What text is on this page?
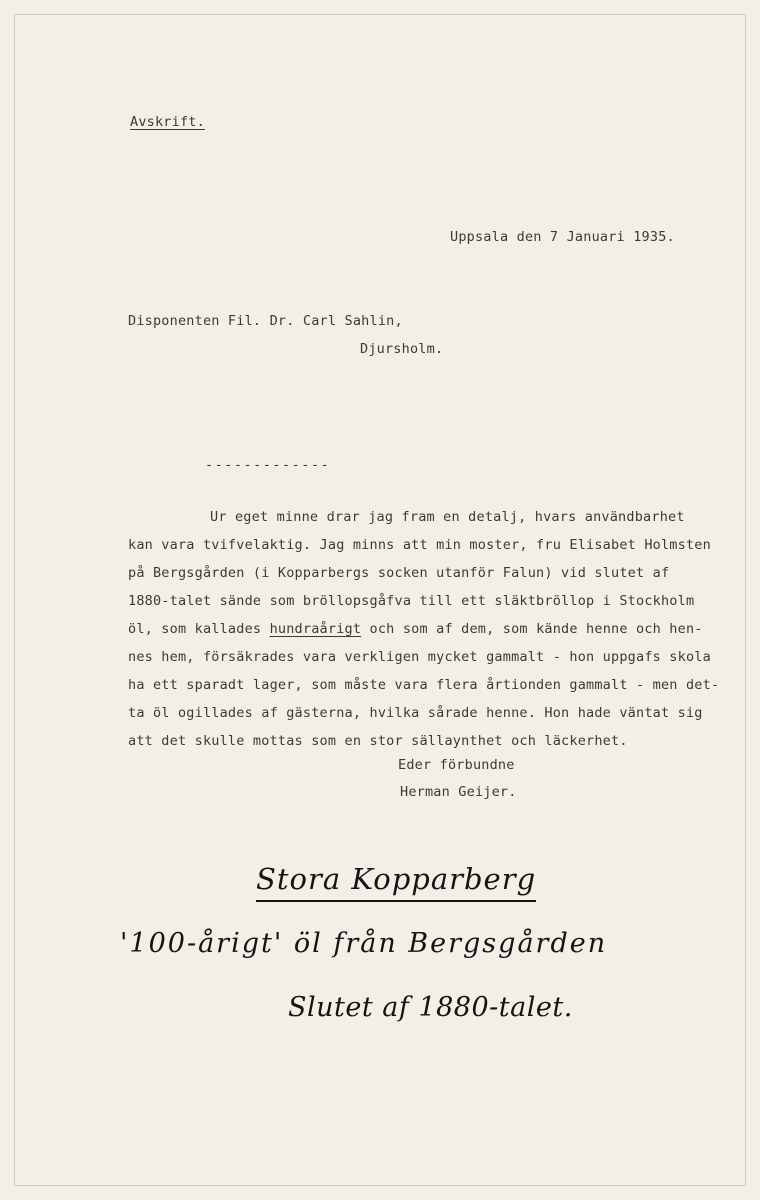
Avskrift.
Uppsala den 7 Januari 1935.
Disponenten Fil. Dr. Carl Sahlin,
Djursholm.
-------------
Ur eget minne drar jag fram en detalj, hvars användbarhet
kan vara tvifvelaktig. Jag minns att min moster, fru Elisabet Holmsten
på Bergsgården (i Kopparbergs socken utanför Falun) vid slutet af
1880-talet sände som bröllopsgåfva till ett släktbröllop i Stockholm
öl, som kallades hundraårigt och som af dem, som kände henne och hen-
nes hem, försäkrades vara verkligen mycket gammalt - hon uppgafs skola
ha ett sparadt lager, som måste vara flera årtionden gammalt - men det-
ta öl ogillades af gästerna, hvilka sårade henne. Hon hade väntat sig
att det skulle mottas som en stor sällaynthet och läckerhet.
Eder förbundne
Herman Geijer.
Stora Kopparberg
'100-årigt' öl från Bergsgården
Slutet af 1880-talet.
